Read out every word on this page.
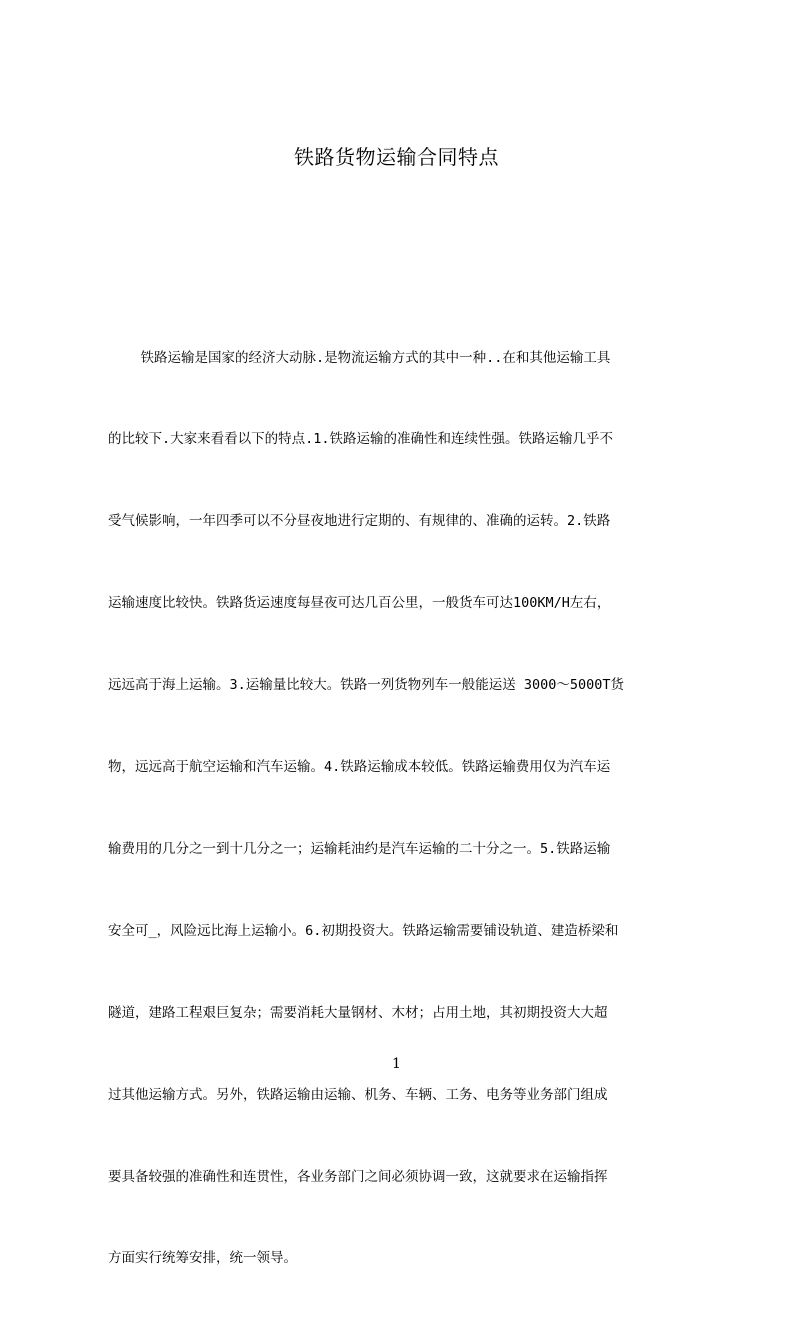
铁路货物运输合同特点

铁路运输是国家的经济大动脉.是物流运输方式的其中一种..在和其他运输工具

的比较下.大家来看看以下的特点.1.铁路运输的准确性和连续性强。铁路运输几乎不

受气候影响，一年四季可以不分昼夜地进行定期的、有规律的、准确的运转。2.铁路

运输速度比较快。铁路货运速度每昼夜可达几百公里，一般货车可达100KM/H左右，

远远高于海上运输。3.运输量比较大。铁路一列货物列车一般能运送 3000～5000T货

物，远远高于航空运输和汽车运输。4.铁路运输成本较低。铁路运输费用仅为汽车运

输费用的几分之一到十几分之一；运输耗油约是汽车运输的二十分之一。5.铁路运输

安全可_，风险远比海上运输小。6.初期投资大。铁路运输需要铺设轨道、建造桥梁和

隧道，建路工程艰巨复杂；需要消耗大量钢材、木材；占用土地，其初期投资大大超

过其他运输方式。另外，铁路运输由运输、机务、车辆、工务、电务等业务部门组成

要具备较强的准确性和连贯性，各业务部门之间必须协调一致，这就要求在运输指挥

方面实行统筹安排，统一领导。

1
